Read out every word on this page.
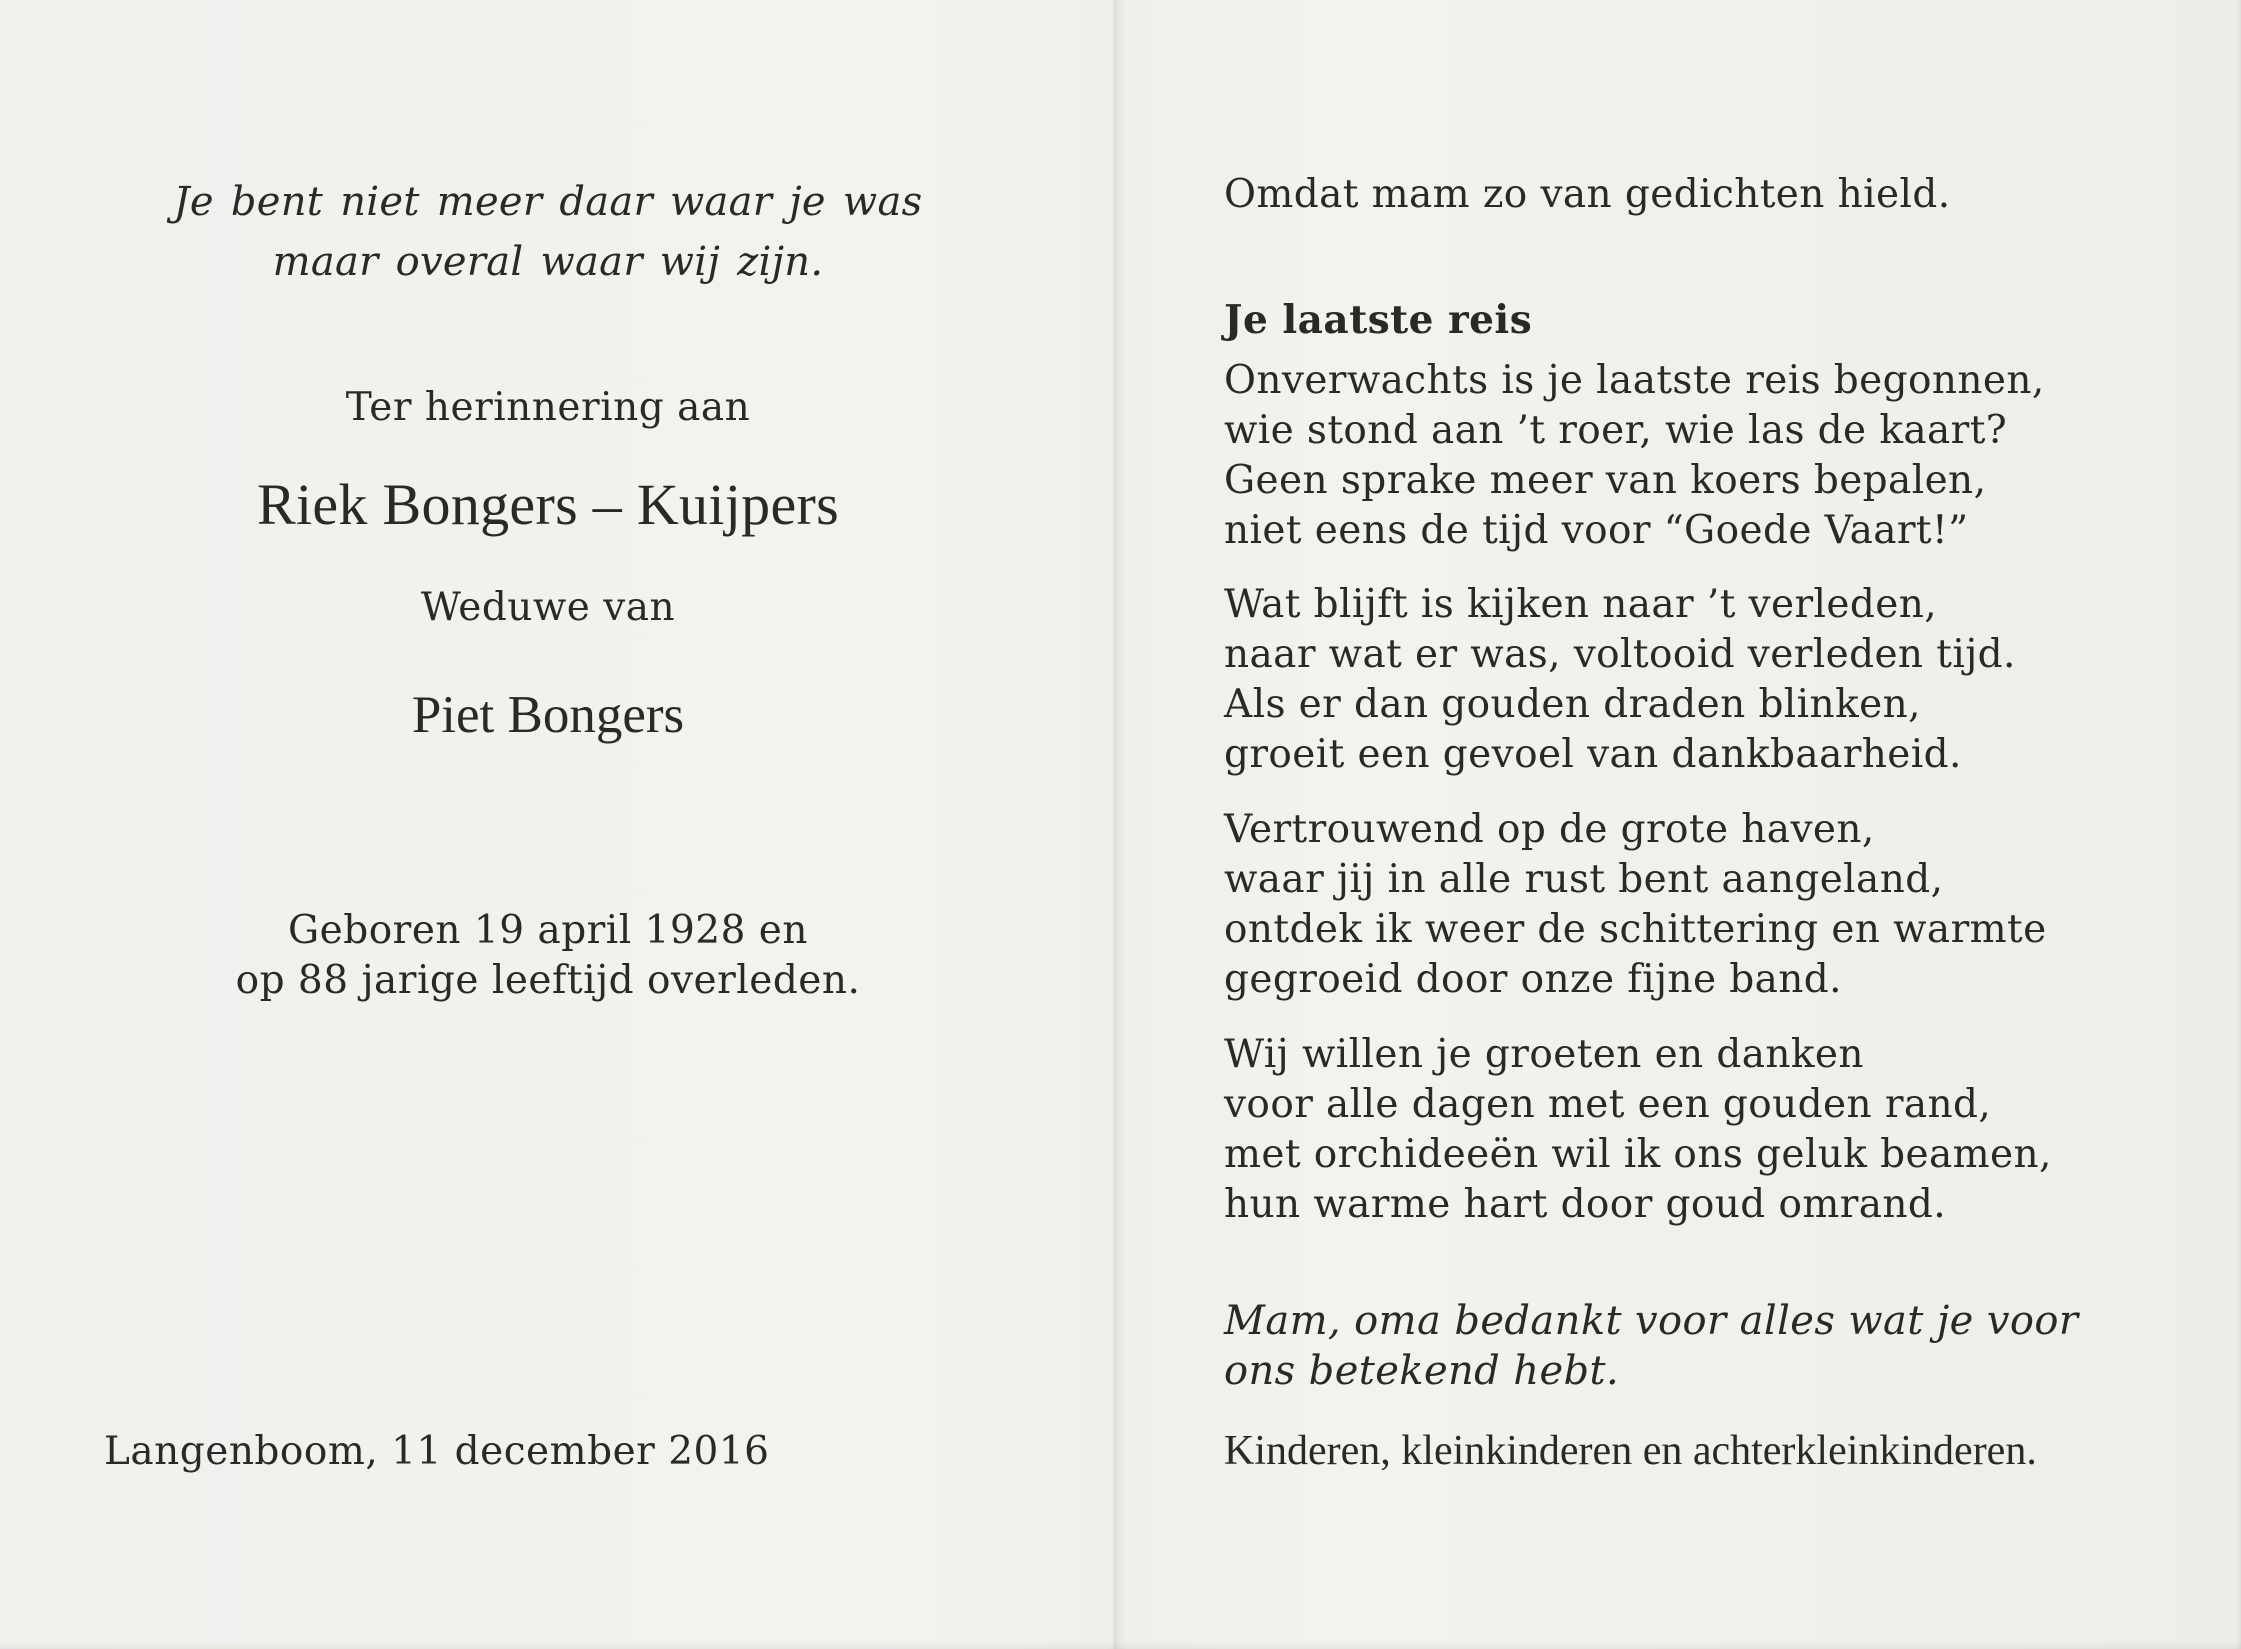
Je bent niet meer daar waar je was
maar overal waar wij zijn.
Ter herinnering aan
Riek Bongers – Kuijpers
Weduwe van
Piet Bongers
Geboren 19 april 1928 en
op 88 jarige leeftijd overleden.
Langenboom, 11 december 2016
Omdat mam zo van gedichten hield.
Je laatste reis
Onverwachts is je laatste reis begonnen,
wie stond aan ’t roer, wie las de kaart?
Geen sprake meer van koers bepalen,
niet eens de tijd voor “Goede Vaart!”
Wat blijft is kijken naar ’t verleden,
naar wat er was, voltooid verleden tijd.
Als er dan gouden draden blinken,
groeit een gevoel van dankbaarheid.
Vertrouwend op de grote haven,
waar jij in alle rust bent aangeland,
ontdek ik weer de schittering en warmte
gegroeid door onze fijne band.
Wij willen je groeten en danken
voor alle dagen met een gouden rand,
met orchideeën wil ik ons geluk beamen,
hun warme hart door goud omrand.
Mam, oma bedankt voor alles wat je voor
ons betekend hebt.
Kinderen, kleinkinderen en achterkleinkinderen.
